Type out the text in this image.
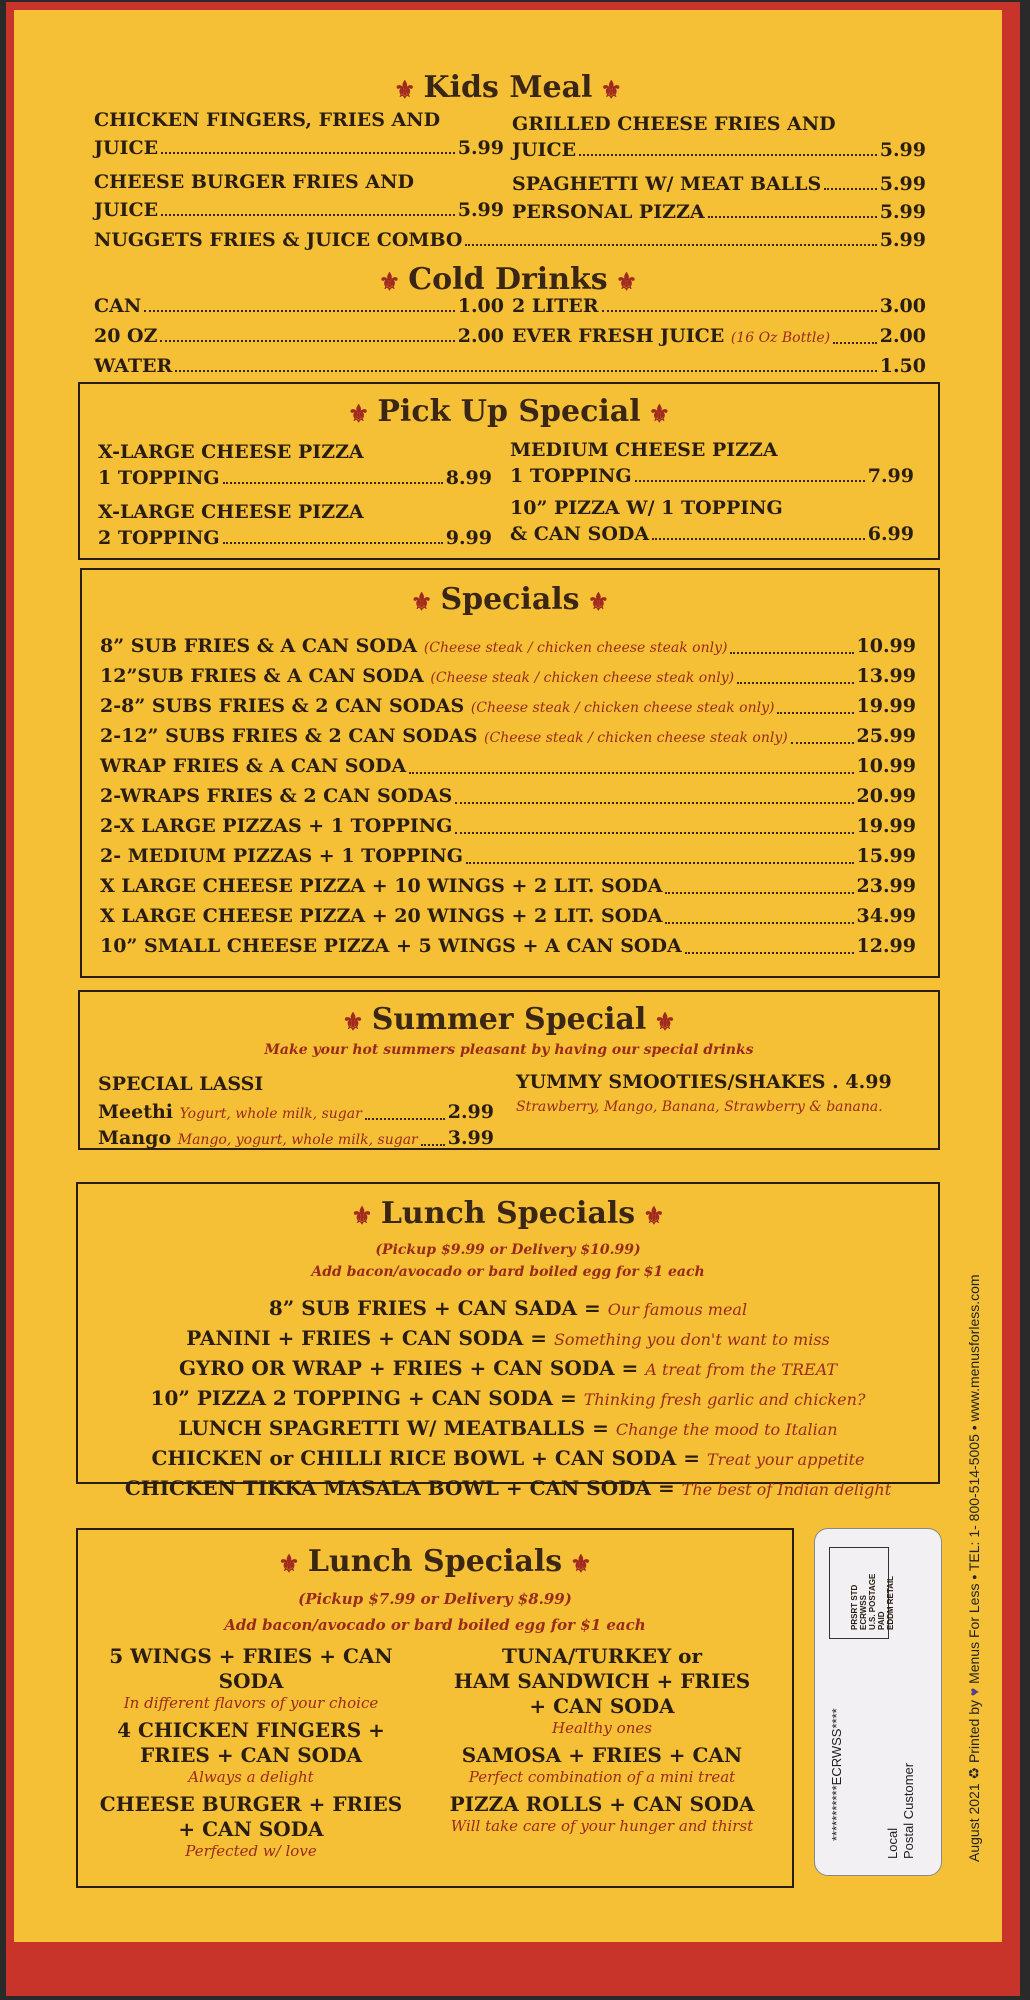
⚜ Kids Meal ⚜
CHICKEN FINGERS, FRIES AND
JUICE	5.99
GRILLED CHEESE FRIES AND
JUICE	5.99
CHEESE BURGER FRIES AND
JUICE	5.99
SPAGHETTI W/ MEAT BALLS	5.99
PERSONAL PIZZA	5.99
NUGGETS FRIES & JUICE COMBO	5.99
⚜ Cold Drinks ⚜
CAN	1.00 2 LITER	3.00
20 OZ	2.00 EVER FRESH JUICE (16 Oz Bottle)	2.00
WATER	1.50
⚜ Pick Up Special ⚜
X-LARGE CHEESE PIZZA
1 TOPPING	8.99
MEDIUM CHEESE PIZZA
1 TOPPING	7.99
X-LARGE CHEESE PIZZA
2 TOPPING	9.99
10” PIZZA W/ 1 TOPPING
& CAN SODA	6.99
⚜ Specials ⚜
8” SUB FRIES & A CAN SODA (Cheese steak / chicken cheese steak only)	10.99
12”SUB FRIES & A CAN SODA (Cheese steak / chicken cheese steak only)	13.99
2-8” SUBS FRIES & 2 CAN SODAS (Cheese steak / chicken cheese steak only)	19.99
2-12” SUBS FRIES & 2 CAN SODAS (Cheese steak / chicken cheese steak only)	25.99
WRAP FRIES & A CAN SODA	10.99
2-WRAPS FRIES & 2 CAN SODAS	20.99
2-X LARGE PIZZAS + 1 TOPPING	19.99
2- MEDIUM PIZZAS + 1 TOPPING	15.99
X LARGE CHEESE PIZZA + 10 WINGS + 2 LIT. SODA	23.99
X LARGE CHEESE PIZZA + 20 WINGS + 2 LIT. SODA	34.99
10” SMALL CHEESE PIZZA + 5 WINGS + A CAN SODA	12.99
⚜ Summer Special ⚜
Make your hot summers pleasant by having our special drinks
SPECIAL LASSI
Meethi Yogurt, whole milk, sugar	2.99
Mango Mango, yogurt, whole milk, sugar 3.99
YUMMY SMOOTIES/SHAKES . 4.99
Strawberry, Mango, Banana, Strawberry & banana.
⚜ Lunch Specials ⚜
(Pickup $9.99 or Delivery $10.99)
Add bacon/avocado or bard boiled egg for $1 each
8” SUB FRIES + CAN SADA = Our famous meal
PANINI + FRIES + CAN SODA = Something you don't want to miss
GYRO OR WRAP + FRIES + CAN SODA = A treat from the TREAT
10” PIZZA 2 TOPPING + CAN SODA = Thinking fresh garlic and chicken?
LUNCH SPAGRETTI W/ MEATBALLS = Change the mood to Italian
CHICKEN or CHILLI RICE BOWL + CAN SODA = Treat your appetite
CHICKEN TIKKA MASALA BOWL + CAN SODA = The best of Indian delight
⚜ Lunch Specials ⚜
(Pickup $7.99 or Delivery $8.99)
Add bacon/avocado or bard boiled egg for $1 each
5 WINGS + FRIES + CAN
SODA
In different flavors of your choice
4 CHICKEN FINGERS +
FRIES + CAN SODA
Always a delight
CHEESE BURGER + FRIES
+ CAN SODA
Perfected w/ love
TUNA/TURKEY or
HAM SANDWICH + FRIES
+ CAN SODA
Healthy ones
SAMOSA + FRIES + CAN
Perfect combination of a mini treat
PIZZA ROLLS + CAN SODA
Will take care of your hunger and thirst
PRSRT STD ECRWSS U.S. POSTAGE PAID EDDM RETAIL
***********ECRWSS****
Local Postal Customer	August 2021 ♻ Printed by ♥ Menus For Less • TEL: 1- 800-514-5005 • www.menusforless.com
